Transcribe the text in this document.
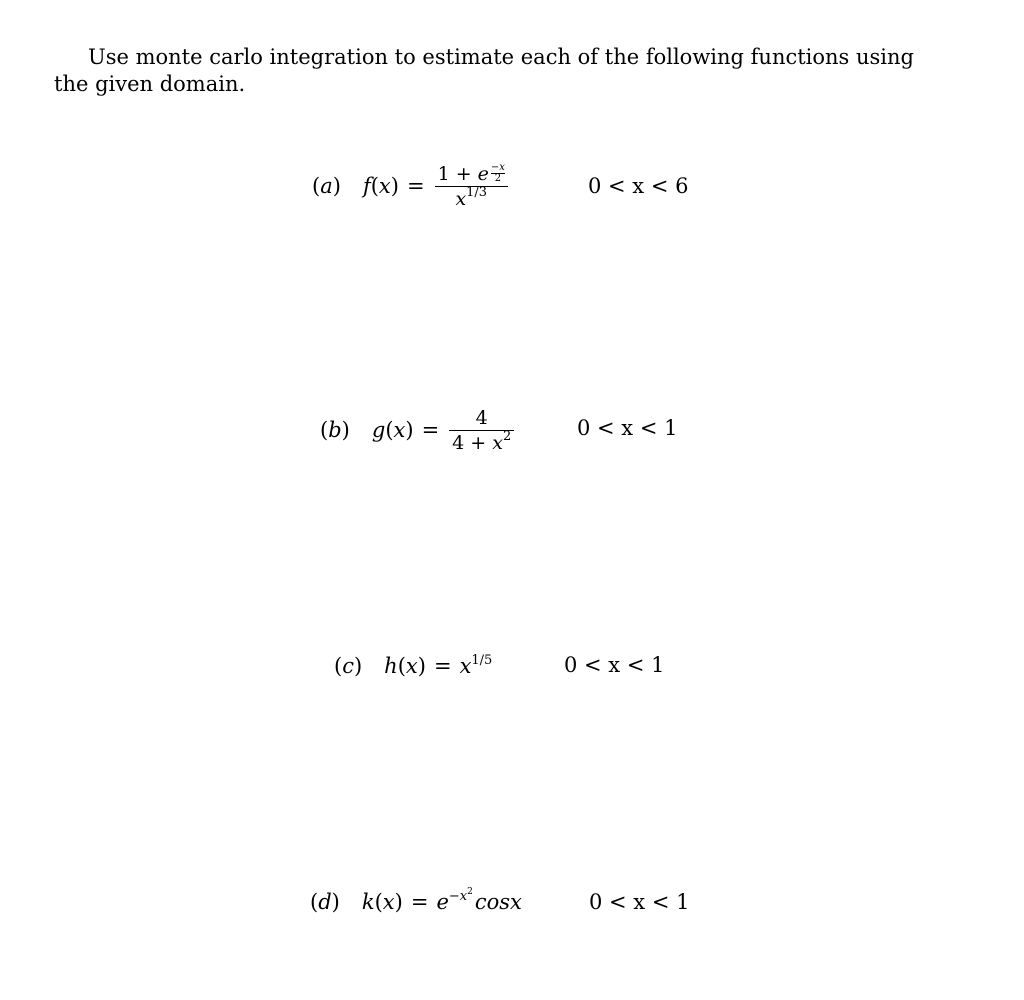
Use monte carlo integration to estimate each of the following functions using the given domain.

(a) $f(x) = \frac{1 + e \frac{-x}{2}}{x^{1/3}}$	0 < x < 6
(b) $g(x) = \frac{4}{4 + x^2}$	0 < x < 1
(c) $h(x) = x^{1/5}$	0 < x < 1
(d) $k(x) = e^{-x^2}\cos x$	0 < x < 1
